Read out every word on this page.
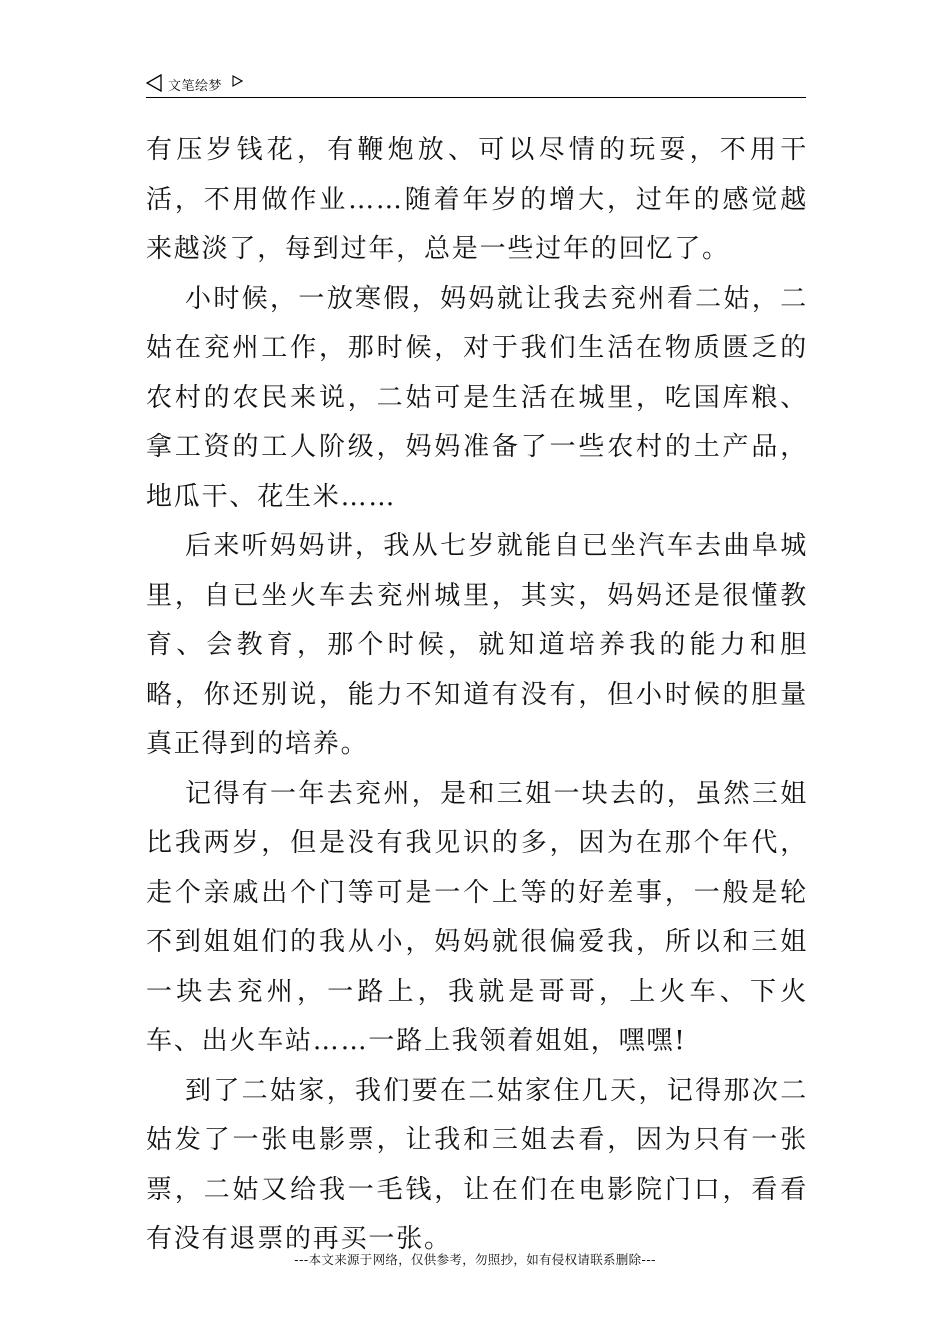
文笔绘梦

有压岁钱花，有鞭炮放、可以尽情的玩耍，不用干活，不用做作业……随着年岁的增大，过年的感觉越来越淡了，每到过年，总是一些过年的回忆了。

小时候，一放寒假，妈妈就让我去兖州看二姑，二姑在兖州工作，那时候，对于我们生活在物质匮乏的农村的农民来说，二姑可是生活在城里，吃国库粮、拿工资的工人阶级，妈妈准备了一些农村的土产品，地瓜干、花生米……

后来听妈妈讲，我从七岁就能自已坐汽车去曲阜城里，自已坐火车去兖州城里，其实，妈妈还是很懂教育、会教育，那个时候，就知道培养我的能力和胆略，你还别说，能力不知道有没有，但小时候的胆量真正得到的培养。

记得有一年去兖州，是和三姐一块去的，虽然三姐比我两岁，但是没有我见识的多，因为在那个年代，走个亲戚出个门等可是一个上等的好差事，一般是轮不到姐姐们的我从小，妈妈就很偏爱我，所以和三姐一块去兖州，一路上，我就是哥哥，上火车、下火车、出火车站……一路上我领着姐姐，嘿嘿!

到了二姑家，我们要在二姑家住几天，记得那次二姑发了一张电影票，让我和三姐去看，因为只有一张票，二姑又给我一毛钱，让在们在电影院门口，看看有没有退票的再买一张。

---本文来源于网络，仅供参考，勿照抄，如有侵权请联系删除---
